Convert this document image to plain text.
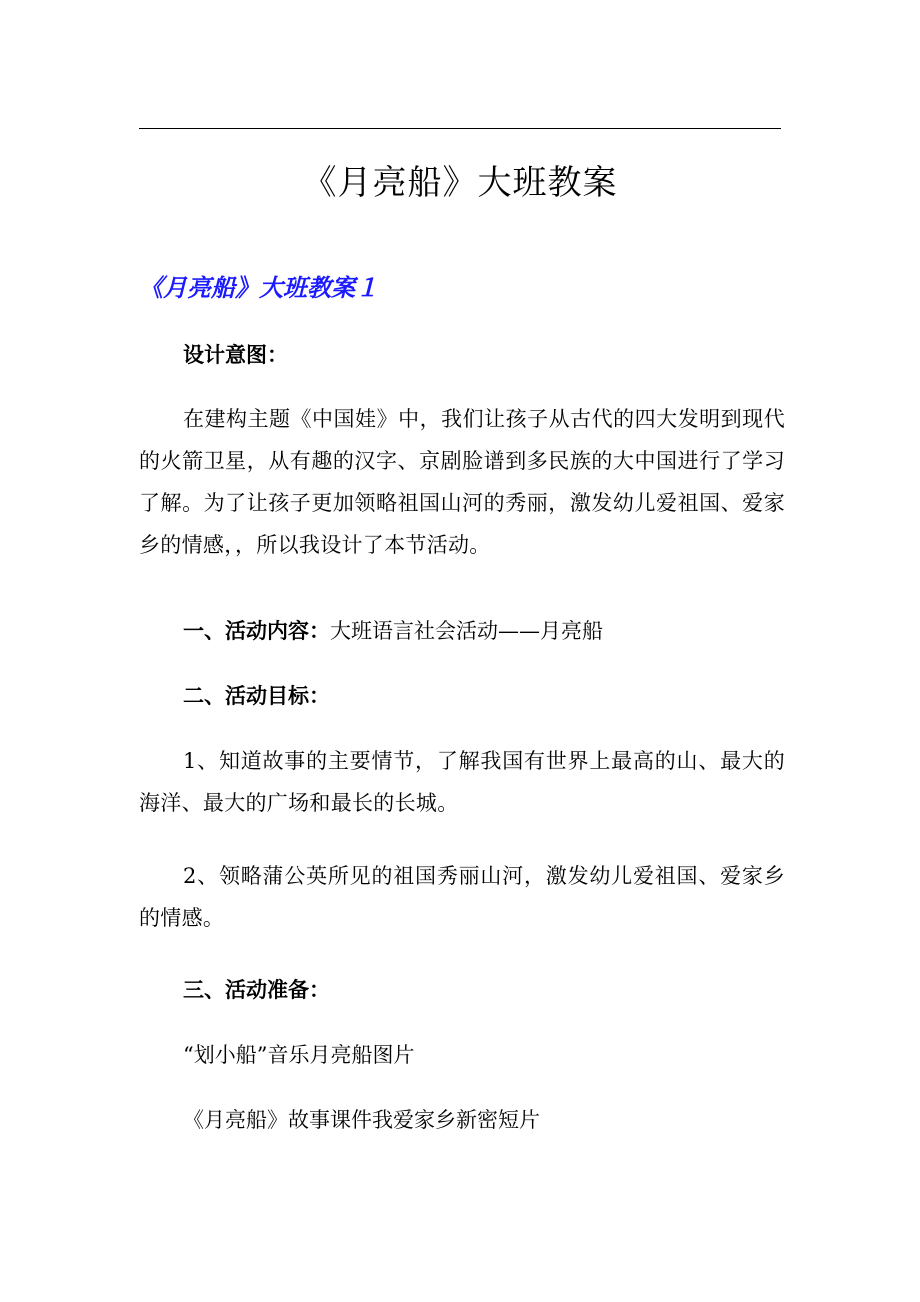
《月亮船》大班教案
《月亮船》大班教案１

设计意图：

在建构主题《中国娃》中，我们让孩子从古代的四大发明到现代的火箭卫星，从有趣的汉字、京剧脸谱到多民族的大中国进行了学习了解。为了让孩子更加领略祖国山河的秀丽，激发幼儿爱祖国、爱家乡的情感，，所以我设计了本节活动。

一、活动内容：大班语言社会活动——月亮船

二、活动目标：

1、知道故事的主要情节，了解我国有世界上最高的山、最大的海洋、最大的广场和最长的长城。

2、领略蒲公英所见的祖国秀丽山河，激发幼儿爱祖国、爱家乡的情感。

三、活动准备：

“划小船”音乐月亮船图片

《月亮船》故事课件我爱家乡新密短片
